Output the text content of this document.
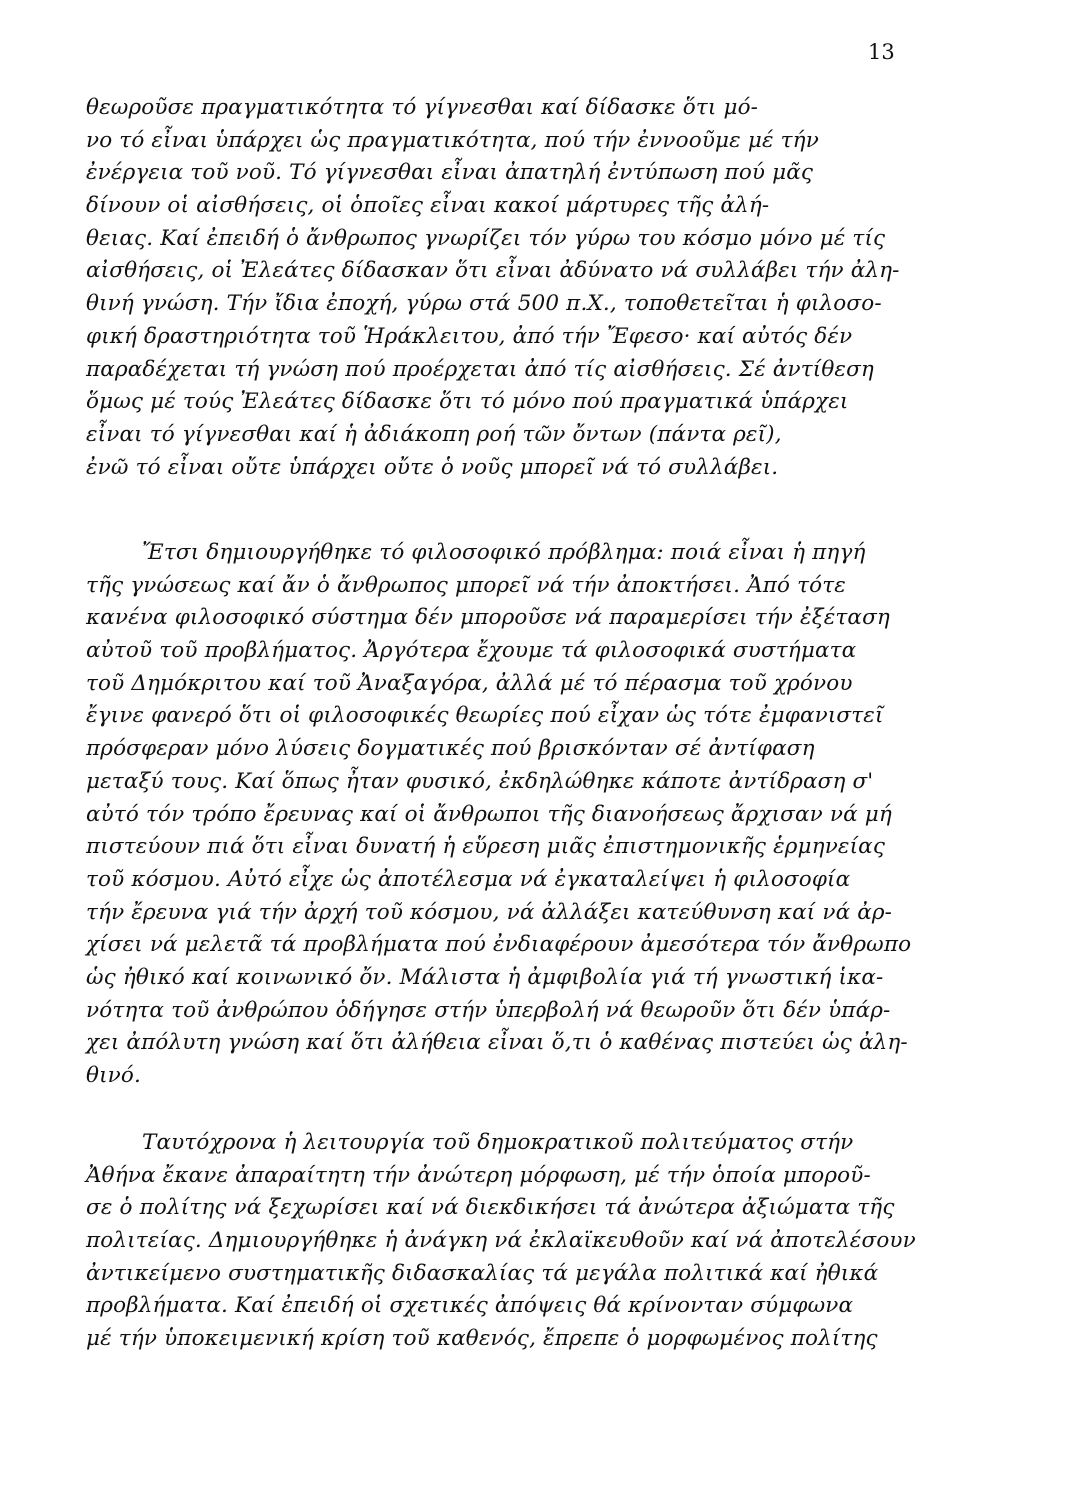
13
θεωροῦσε πραγματικότητα τό γίγνεσθαι καί δίδασκε ὅτι μό-
νο τό εἶναι ὑπάρχει ὡς πραγματικότητα, πού τήν ἐννοοῦμε μέ τήν
ἐνέργεια τοῦ νοῦ. Τό γίγνεσθαι εἶναι ἀπατηλή ἐντύπωση πού μᾶς
δίνουν οἱ αἰσθήσεις, οἱ ὁποῖες εἶναι κακοί μάρτυρες τῆς ἀλή-
θειας. Καί ἐπειδή ὁ ἄνθρωπος γνωρίζει τόν γύρω του κόσμο μόνο μέ τίς
αἰσθήσεις, οἱ Ἐλεάτες δίδασκαν ὅτι εἶναι ἀδύνατο νά συλλάβει τήν ἀλη-
θινή γνώση. Τήν ἴδια ἐποχή, γύρω στά 500 π.Χ., τοποθετεῖται ἡ φιλοσο-
φική δραστηριότητα τοῦ Ἡράκλειτου, ἀπό τήν Ἔφεσο· καί αὐτός δέν
παραδέχεται τή γνώση πού προέρχεται ἀπό τίς αἰσθήσεις. Σέ ἀντίθεση
ὅμως μέ τούς Ἐλεάτες δίδασκε ὅτι τό μόνο πού πραγματικά ὑπάρχει
εἶναι τό γίγνεσθαι καί ἡ ἀδιάκοπη ροή τῶν ὄντων (πάντα ρεῖ),
ἐνῶ τό εἶναι οὔτε ὑπάρχει οὔτε ὁ νοῦς μπορεῖ νά τό συλλάβει.
Ἔτσι δημιουργήθηκε τό φιλοσοφικό πρόβλημα: ποιά εἶναι ἡ πηγή
τῆς γνώσεως καί ἄν ὁ ἄνθρωπος μπορεῖ νά τήν ἀποκτήσει. Ἀπό τότε
κανένα φιλοσοφικό σύστημα δέν μποροῦσε νά παραμερίσει τήν ἐξέταση
αὐτοῦ τοῦ προβλήματος. Ἀργότερα ἔχουμε τά φιλοσοφικά συστήματα
τοῦ Δημόκριτου καί τοῦ Ἀναξαγόρα, ἀλλά μέ τό πέρασμα τοῦ χρόνου
ἔγινε φανερό ὅτι οἱ φιλοσοφικές θεωρίες πού εἶχαν ὡς τότε ἐμφανιστεῖ
πρόσφεραν μόνο λύσεις δογματικές πού βρισκόνταν σέ ἀντίφαση
μεταξύ τους. Καί ὅπως ἦταν φυσικό, ἐκδηλώθηκε κάποτε ἀντίδραση σ'
αὐτό τόν τρόπο ἔρευνας καί οἱ ἄνθρωποι τῆς διανοήσεως ἄρχισαν νά μή
πιστεύουν πιά ὅτι εἶναι δυνατή ἡ εὕρεση μιᾶς ἐπιστημονικῆς ἑρμηνείας
τοῦ κόσμου. Αὐτό εἶχε ὡς ἀποτέλεσμα νά ἐγκαταλείψει ἡ φιλοσοφία
τήν ἔρευνα γιά τήν ἀρχή τοῦ κόσμου, νά ἀλλάξει κατεύθυνση καί νά ἀρ-
χίσει νά μελετᾶ τά προβλήματα πού ἐνδιαφέρουν ἀμεσότερα τόν ἄνθρωπο
ὡς ἠθικό καί κοινωνικό ὄν. Μάλιστα ἡ ἀμφιβολία γιά τή γνωστική ἱκα-
νότητα τοῦ ἀνθρώπου ὁδήγησε στήν ὑπερβολή νά θεωροῦν ὅτι δέν ὑπάρ-
χει ἀπόλυτη γνώση καί ὅτι ἀλήθεια εἶναι ὅ,τι ὁ καθένας πιστεύει ὡς ἀλη-
θινό.
Ταυτόχρονα ἡ λειτουργία τοῦ δημοκρατικοῦ πολιτεύματος στήν
Ἀθήνα ἔκανε ἀπαραίτητη τήν ἀνώτερη μόρφωση, μέ τήν ὁποία μποροῦ-
σε ὁ πολίτης νά ξεχωρίσει καί νά διεκδικήσει τά ἀνώτερα ἀξιώματα τῆς
πολιτείας. Δημιουργήθηκε ἡ ἀνάγκη νά ἐκλαϊκευθοῦν καί νά ἀποτελέσουν
ἀντικείμενο συστηματικῆς διδασκαλίας τά μεγάλα πολιτικά καί ἠθικά
προβλήματα. Καί ἐπειδή οἱ σχετικές ἀπόψεις θά κρίνονταν σύμφωνα
μέ τήν ὑποκειμενική κρίση τοῦ καθενός, ἔπρεπε ὁ μορφωμένος πολίτης
